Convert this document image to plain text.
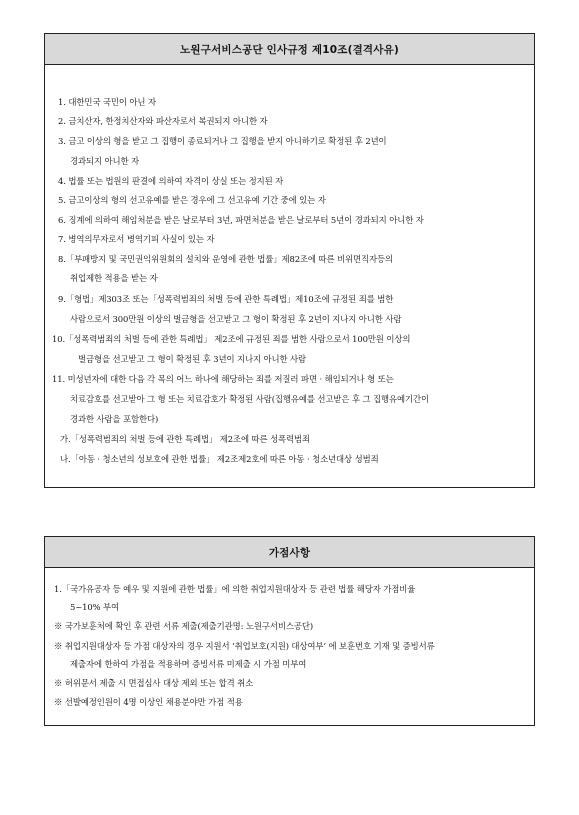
노원구서비스공단 인사규정 제10조(결격사유)
1. 대한민국 국민이 아닌 자
2. 금치산자, 한정치산자와 파산자로서 복권되지 아니한 자
3. 금고 이상의 형을 받고 그 집행이 종료되거나 그 집행을 받지 아니하기로 확정된 후 2년이
경과되지 아니한 자
4. 법률 또는 법원의 판결에 의하여 자격이 상실 또는 정지된 자
5. 금고이상의 형의 선고유예를 받은 경우에 그 선고유예 기간 중에 있는 자
6. 징계에 의하여 해임처분을 받은 날로부터 3년, 파면처분을 받은 날로부터 5년이 경과되지 아니한 자
7. 병역의무자로서 병역기피 사실이 있는 자
8.「부패방지 및 국민권익위원회의 설치와 운영에 관한 법률」제82조에 따른 비위면직자등의
취업제한 적용을 받는 자
9.「형법」제303조 또는「성폭력범죄의 처벌 등에 관한 특례법」제10조에 규정된 죄를 범한
사람으로서 300만원 이상의 벌금형을 선고받고 그 형이 확정된 후 2년이 지나지 아니한 사람
10.「성폭력범죄의 처벌 등에 관한 특례법」 제2조에 규정된 죄를 범한 사람으로서 100만원 이상의
벌금형을 선고받고 그 형이 확정된 후 3년이 지나지 아니한 사람
11. 미성년자에 대한 다음 각 목의 어느 하나에 해당하는 죄를 저질러 파면 · 해임되거나 형 또는
치료감호를 선고받아 그 형 또는 치료감호가 확정된 사람(집행유예를 선고받은 후 그 집행유예기간이
경과한 사람을 포함한다)
가.「성폭력범죄의 처벌 등에 관한 특례법」 제2조에 따른 성폭력범죄
나.「아동 · 청소년의 성보호에 관한 법률」 제2조제2호에 따른 아동 · 청소년대상 성범죄
가점사항
1.「국가유공자 등 예우 및 지원에 관한 법률」에 의한 취업지원대상자 등 관련 법률 해당자 가점비율
5~10% 부여
※ 국가보훈처에 확인 후 관련 서류 제출(제출기관명: 노원구서비스공단)
※ 취업지원대상자 등 가점 대상자의 경우 지원서 ‘취업보호(지원) 대상여부’ 에 보훈번호 기재 및 증빙서류
제출자에 한하여 가점을 적용하며 증빙서류 미제출 시 가점 미부여
※ 허위문서 제출 시 면접심사 대상 제외 또는 합격 취소
※ 선발예정인원이 4명 이상인 채용분야만 가점 적용
